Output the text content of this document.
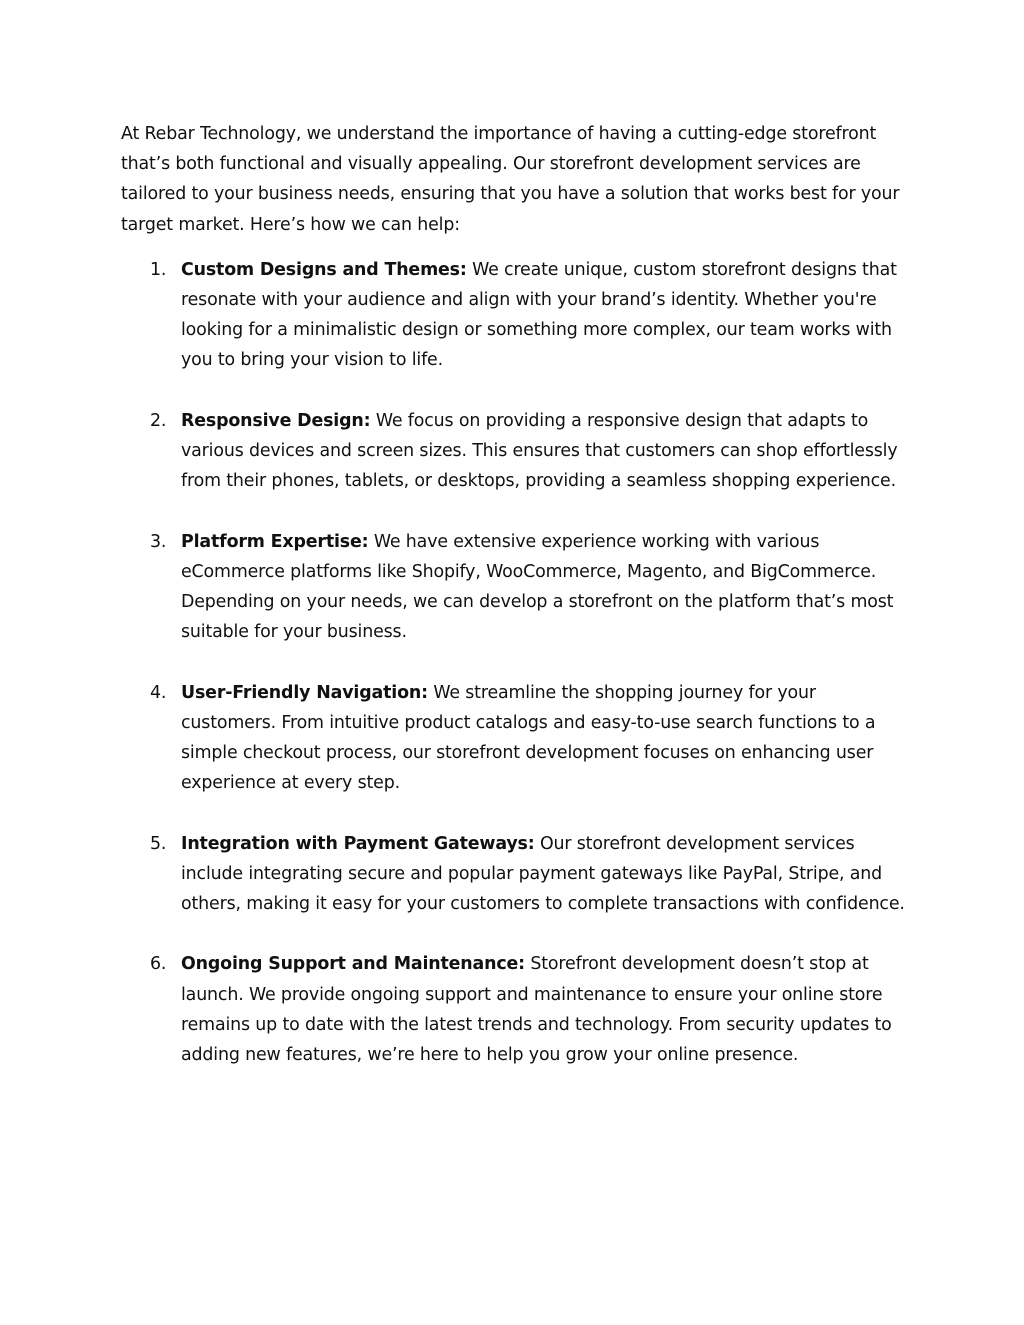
At Rebar Technology, we understand the importance of having a cutting-edge storefront that’s both functional and visually appealing. Our storefront development services are tailored to your business needs, ensuring that you have a solution that works best for your target market. Here’s how we can help:

1. Custom Designs and Themes: We create unique, custom storefront designs that resonate with your audience and align with your brand’s identity. Whether you're looking for a minimalistic design or something more complex, our team works with you to bring your vision to life.
2. Responsive Design: We focus on providing a responsive design that adapts to various devices and screen sizes. This ensures that customers can shop effortlessly from their phones, tablets, or desktops, providing a seamless shopping experience.
3. Platform Expertise: We have extensive experience working with various eCommerce platforms like Shopify, WooCommerce, Magento, and BigCommerce. Depending on your needs, we can develop a storefront on the platform that’s most suitable for your business.
4. User-Friendly Navigation: We streamline the shopping journey for your customers. From intuitive product catalogs and easy-to-use search functions to a simple checkout process, our storefront development focuses on enhancing user experience at every step.
5. Integration with Payment Gateways: Our storefront development services include integrating secure and popular payment gateways like PayPal, Stripe, and others, making it easy for your customers to complete transactions with confidence.
6. Ongoing Support and Maintenance: Storefront development doesn’t stop at launch. We provide ongoing support and maintenance to ensure your online store remains up to date with the latest trends and technology. From security updates to adding new features, we’re here to help you grow your online presence.
